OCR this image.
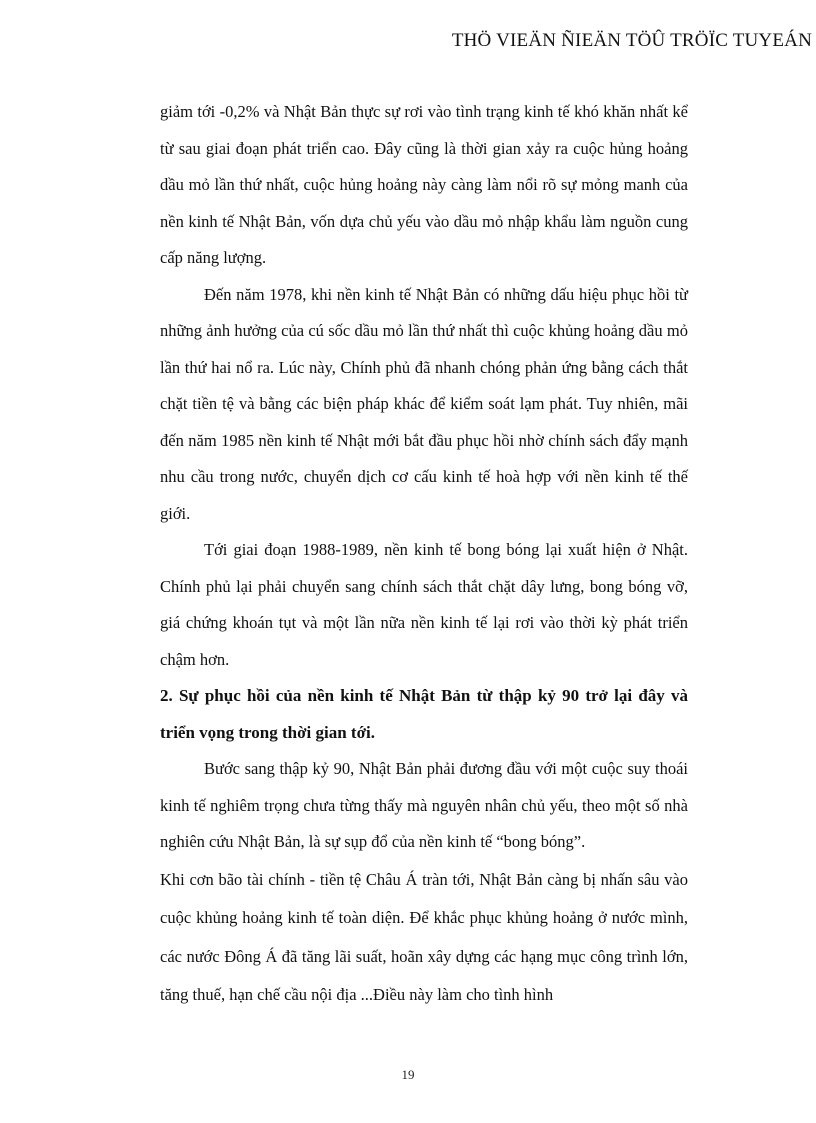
THÖ VIEÄN ÑIEÄN TÖÛ TRÖÏC TUYEÁN

giảm tới -0,2% và Nhật Bản thực sự rơi vào tình trạng kinh tế khó khăn nhất kể từ sau giai đoạn phát triển cao. Đây cũng là thời gian xảy ra cuộc hủng hoảng dầu mỏ lần thứ nhất, cuộc hủng hoảng này càng làm nổi rõ sự mỏng manh của nền kinh tế Nhật Bản, vốn dựa chủ yếu vào dầu mỏ nhập khẩu làm nguồn cung cấp năng lượng.

Đến năm 1978, khi nền kinh tế Nhật Bản có những dấu hiệu phục hồi từ những ảnh hưởng của cú sốc dầu mỏ lần thứ nhất thì cuộc khủng hoảng dầu mỏ lần thứ hai nổ ra. Lúc này, Chính phủ đã nhanh chóng phản ứng bằng cách thắt chặt tiền tệ và bằng các biện pháp khác để kiểm soát lạm phát. Tuy nhiên, mãi đến năm 1985 nền kinh tế Nhật mới bắt đầu phục hồi nhờ chính sách đẩy mạnh nhu cầu trong nước, chuyển dịch cơ cấu kinh tế hoà hợp với nền kinh tế thế giới.

Tới giai đoạn 1988-1989, nền kinh tế bong bóng lại xuất hiện ở Nhật. Chính phủ lại phải chuyển sang chính sách thắt chặt dây lưng, bong bóng vỡ, giá chứng khoán tụt và một lần nữa nền kinh tế lại rơi vào thời kỳ phát triển chậm hơn.

2. Sự phục hồi của nền kinh tế Nhật Bản từ thập kỷ 90 trở lại đây và triển vọng trong thời gian tới.

Bước sang thập kỷ 90, Nhật Bản phải đương đầu với một cuộc suy thoái kinh tế nghiêm trọng chưa từng thấy mà nguyên nhân chủ yếu, theo một số nhà nghiên cứu Nhật Bản, là sự sụp đổ của nền kinh tế “bong bóng”.

Khi cơn bão tài chính - tiền tệ Châu Á tràn tới, Nhật Bản càng bị nhấn sâu vào cuộc khủng hoảng kinh tế toàn diện. Để khắc phục khủng hoảng ở nước mình, các nước Đông Á đã tăng lãi suất, hoãn xây dựng các hạng mục công trình lớn, tăng thuế, hạn chế cầu nội địa ...Điều này làm cho tình hình

19
